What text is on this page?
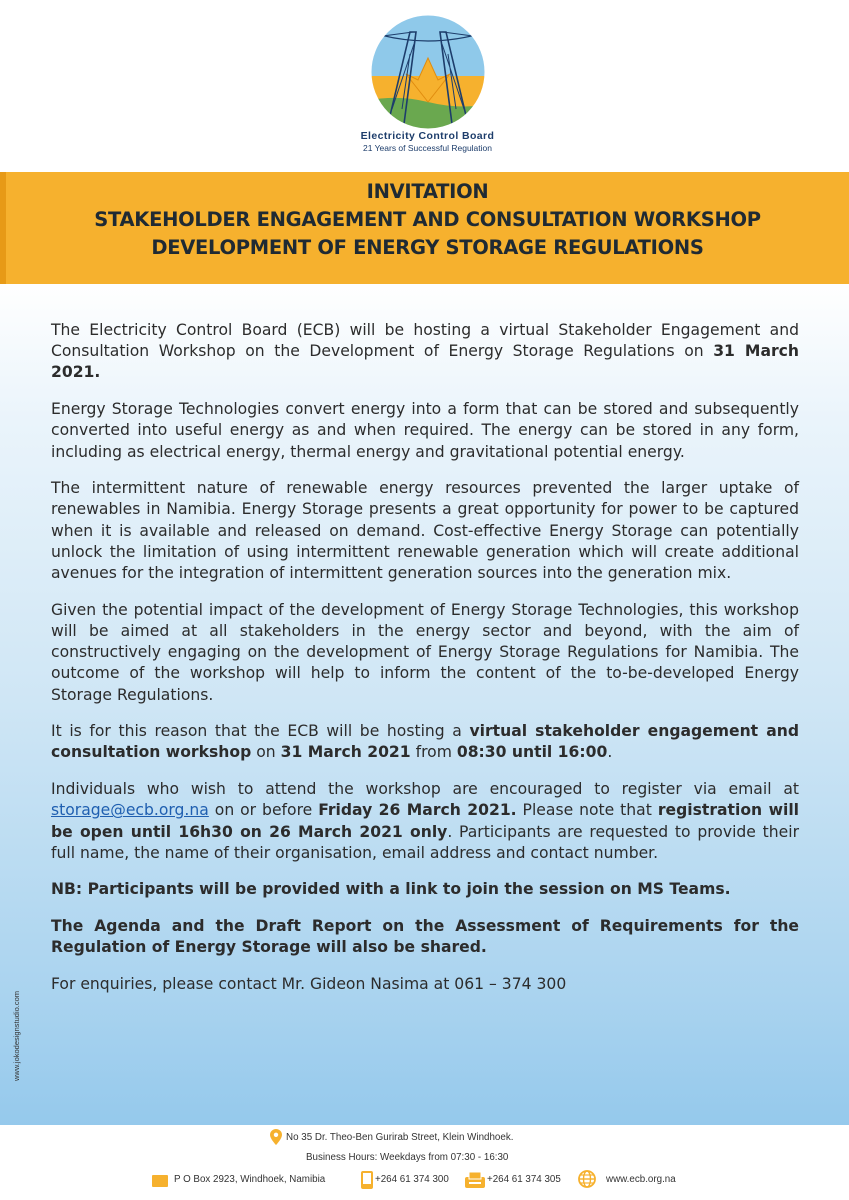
Electricity Control Board
21 Years of Successful Regulation
INVITATION
STAKEHOLDER ENGAGEMENT AND CONSULTATION WORKSHOP
DEVELOPMENT OF ENERGY STORAGE REGULATIONS

The Electricity Control Board (ECB) will be hosting a virtual Stakeholder Engagement and Consultation Workshop on the Development of Energy Storage Regulations on 31 March 2021.

Energy Storage Technologies convert energy into a form that can be stored and subsequently converted into useful energy as and when required. The energy can be stored in any form, including as electrical energy, thermal energy and gravitational potential energy.

The intermittent nature of renewable energy resources prevented the larger uptake of renewables in Namibia. Energy Storage presents a great opportunity for power to be captured when it is available and released on demand. Cost-effective Energy Storage can potentially unlock the limitation of using intermittent renewable generation which will create additional avenues for the integration of intermittent generation sources into the generation mix.

Given the potential impact of the development of Energy Storage Technologies, this workshop will be aimed at all stakeholders in the energy sector and beyond, with the aim of constructively engaging on the development of Energy Storage Regulations for Namibia. The outcome of the workshop will help to inform the content of the to-be-developed Energy Storage Regulations.

It is for this reason that the ECB will be hosting a virtual stakeholder engagement and consultation workshop on 31 March 2021 from 08:30 until 16:00.

Individuals who wish to attend the workshop are encouraged to register via email at storage@ecb.org.na on or before Friday 26 March 2021. Please note that registration will be open until 16h30 on 26 March 2021 only. Participants are requested to provide their full name, the name of their organisation, email address and contact number.

NB: Participants will be provided with a link to join the session on MS Teams.

The Agenda and the Draft Report on the Assessment of Requirements for the Regulation of Energy Storage will also be shared.

For enquiries, please contact Mr. Gideon Nasima at 061 – 374 300

www.jokodesignstudio.com
No 35 Dr. Theo-Ben Gurirab Street, Klein Windhoek.
Business Hours: Weekdays from 07:30 - 16:30
P O Box 2923, Windhoek, Namibia	+264 61 374 300	+264 61 374 305	www.ecb.org.na
